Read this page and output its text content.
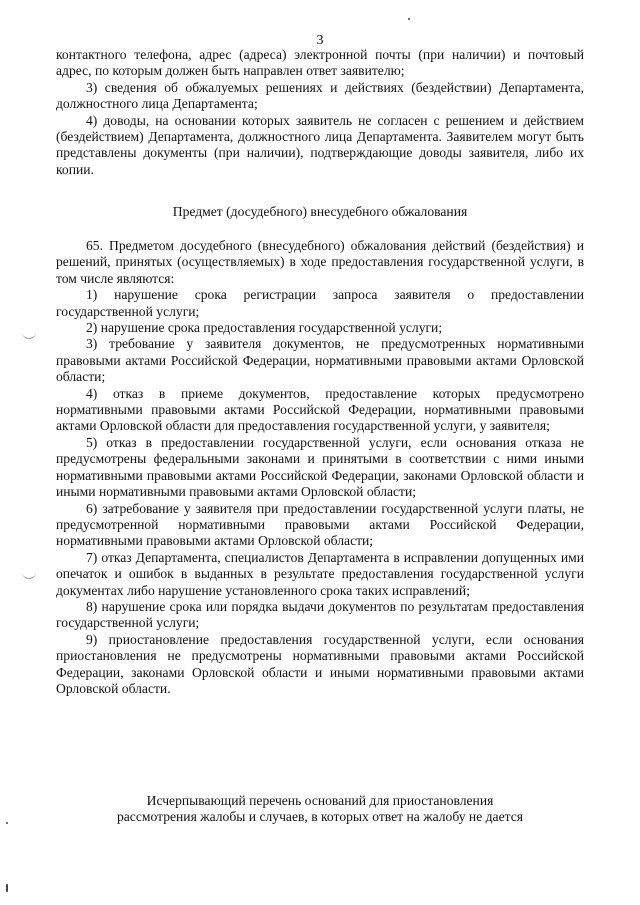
3

контактного телефона, адрес (адреса) электронной почты (при наличии) и почтовый адрес, по которым должен быть направлен ответ заявителю;

3) сведения об обжалуемых решениях и действиях (бездействии) Департамента, должностного лица Департамента;

4) доводы, на основании которых заявитель не согласен с решением и действием (бездействием) Департамента, должностного лица Департамента. Заявителем могут быть представлены документы (при наличии), подтверждающие доводы заявителя, либо их копии.

Предмет (досудебного) внесудебного обжалования

65. Предметом досудебного (внесудебного) обжалования действий (бездействия) и решений, принятых (осуществляемых) в ходе предоставления государственной услуги, в том числе являются:

1) нарушение срока регистрации запроса заявителя о предоставлении государственной услуги;

2) нарушение срока предоставления государственной услуги;

3) требование у заявителя документов, не предусмотренных нормативными правовыми актами Российской Федерации, нормативными правовыми актами Орловской области;

4) отказ в приеме документов, предоставление которых предусмотрено нормативными правовыми актами Российской Федерации, нормативными правовыми актами Орловской области для предоставления государственной услуги, у заявителя;

5) отказ в предоставлении государственной услуги, если основания отказа не предусмотрены федеральными законами и принятыми в соответствии с ними иными нормативными правовыми актами Российской Федерации, законами Орловской области и иными нормативными правовыми актами Орловской области;

6) затребование у заявителя при предоставлении государственной услуги платы, не предусмотренной нормативными правовыми актами Российской Федерации, нормативными правовыми актами Орловской области;

7) отказ Департамента, специалистов Департамента в исправлении допущенных ими опечаток и ошибок в выданных в результате предоставления государственной услуги документах либо нарушение установленного срока таких исправлений;

8) нарушение срока или порядка выдачи документов по результатам предоставления государственной услуги;

9) приостановление предоставления государственной услуги, если основания приостановления не предусмотрены нормативными правовыми актами Российской Федерации, законами Орловской области и иными нормативными правовыми актами Орловской области.

Исчерпывающий перечень оснований для приостановления
рассмотрения жалобы и случаев, в которых ответ на жалобу не дается
